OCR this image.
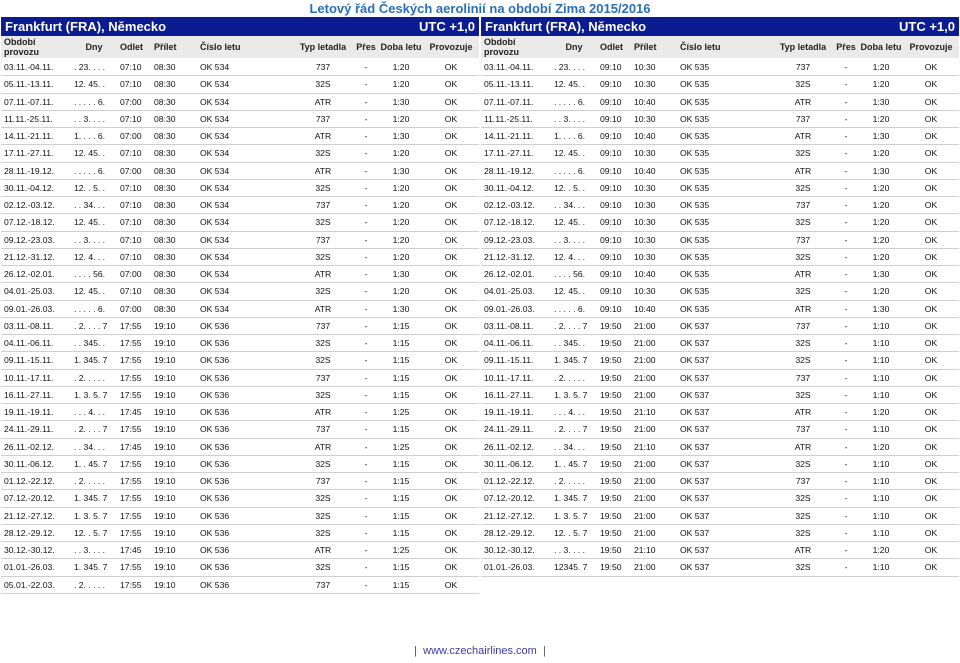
Letový řád Českých aerolinií na období Zima 2015/2016
Frankfurt (FRA), Německo	UTC +1,0
Období provozu	Dny	Odlet	Přílet	Číslo letu	Typ letadla	Přes	Doba letu	Provozuje
03.11.-04.11.	. 23. . . .	07:10	08:30	OK 534	737	-	1:20	OK
05.11.-13.11.	12. 45. .	07:10	08:30	OK 534	32S	-	1:20	OK
07.11.-07.11.	. . . . . 6.	07:00	08:30	OK 534	ATR	-	1:30	OK
11.11.-25.11.	. . 3. . . .	07:10	08:30	OK 534	737	-	1:20	OK
14.11.-21.11.	1. . . . 6.	07:00	08:30	OK 534	ATR	-	1:30	OK
17.11.-27.11.	12. 45. .	07:10	08:30	OK 534	32S	-	1:20	OK
28.11.-19.12.	. . . . . 6.	07:00	08:30	OK 534	ATR	-	1:30	OK
30.11.-04.12.	12. . 5. .	07:10	08:30	OK 534	32S	-	1:20	OK
02.12.-03.12.	. . 34. . .	07:10	08:30	OK 534	737	-	1:20	OK
07.12.-18.12.	12. 45. .	07:10	08:30	OK 534	32S	-	1:20	OK
09.12.-23.03.	. . 3. . . .	07:10	08:30	OK 534	737	-	1:20	OK
21.12.-31.12.	12. 4. . .	07:10	08:30	OK 534	32S	-	1:20	OK
26.12.-02.01.	. . . . 56.	07:00	08:30	OK 534	ATR	-	1:30	OK
04.01.-25.03.	12. 45. .	07:10	08:30	OK 534	32S	-	1:20	OK
09.01.-26.03.	. . . . . 6.	07:00	08:30	OK 534	ATR	-	1:30	OK
03.11.-08.11.	. 2. . . . 7	17:55	19:10	OK 536	737	-	1:15	OK
04.11.-06.11.	. . 345. .	17:55	19:10	OK 536	32S	-	1:15	OK
09.11.-15.11.	1. 345. 7	17:55	19:10	OK 536	32S	-	1:15	OK
10.11.-17.11.	. 2. . . . .	17:55	19:10	OK 536	737	-	1:15	OK
16.11.-27.11.	1. 3. 5. 7	17:55	19:10	OK 536	32S	-	1:15	OK
19.11.-19.11.	. . . 4. . .	17:45	19:10	OK 536	ATR	-	1:25	OK
24.11.-29.11.	. 2. . . . 7	17:55	19:10	OK 536	737	-	1:15	OK
26.11.-02.12.	. . 34. . .	17:45	19:10	OK 536	ATR	-	1:25	OK
30.11.-06.12.	1. . 45. 7	17:55	19:10	OK 536	32S	-	1:15	OK
01.12.-22.12.	. 2. . . . .	17:55	19:10	OK 536	737	-	1:15	OK
07.12.-20.12.	1. 345. 7	17:55	19:10	OK 536	32S	-	1:15	OK
21.12.-27.12.	1. 3. 5. 7	17:55	19:10	OK 536	32S	-	1:15	OK
28.12.-29.12.	12. . 5. 7	17:55	19:10	OK 536	32S	-	1:15	OK
30.12.-30.12.	. . 3. . . .	17:45	19:10	OK 536	ATR	-	1:25	OK
01.01.-26.03.	1. 345. 7	17:55	19:10	OK 536	32S	-	1:15	OK
05.01.-22.03.	. 2. . . . .	17:55	19:10	OK 536	737	-	1:15	OK
Frankfurt (FRA), Německo	UTC +1,0
Období provozu	Dny	Odlet	Přílet	Číslo letu	Typ letadla	Přes	Doba letu	Provozuje
03.11.-04.11.	. 23. . . .	09:10	10:30	OK 535	737	-	1:20	OK
05.11.-13.11.	12. 45. .	09:10	10:30	OK 535	32S	-	1:20	OK
07.11.-07.11.	. . . . . 6.	09:10	10:40	OK 535	ATR	-	1:30	OK
11.11.-25.11.	. . 3. . . .	09:10	10:30	OK 535	737	-	1:20	OK
14.11.-21.11.	1. . . . 6.	09:10	10:40	OK 535	ATR	-	1:30	OK
17.11.-27.11.	12. 45. .	09:10	10:30	OK 535	32S	-	1:20	OK
28.11.-19.12.	. . . . . 6.	09:10	10:40	OK 535	ATR	-	1:30	OK
30.11.-04.12.	12. . 5. .	09:10	10:30	OK 535	32S	-	1:20	OK
02.12.-03.12.	. . 34. . .	09:10	10:30	OK 535	737	-	1:20	OK
07.12.-18.12.	12. 45. .	09:10	10:30	OK 535	32S	-	1:20	OK
09.12.-23.03.	. . 3. . . .	09:10	10:30	OK 535	737	-	1:20	OK
21.12.-31.12.	12. 4. . .	09:10	10:30	OK 535	32S	-	1:20	OK
26.12.-02.01.	. . . . 56.	09:10	10:40	OK 535	ATR	-	1:30	OK
04.01.-25.03.	12. 45. .	09:10	10:30	OK 535	32S	-	1:20	OK
09.01.-26.03.	. . . . . 6.	09:10	10:40	OK 535	ATR	-	1:30	OK
03.11.-08.11.	. 2. . . . 7	19:50	21:00	OK 537	737	-	1:10	OK
04.11.-06.11.	. . 345. .	19:50	21:00	OK 537	32S	-	1:10	OK
09.11.-15.11.	1. 345. 7	19:50	21:00	OK 537	32S	-	1:10	OK
10.11.-17.11.	. 2. . . . .	19:50	21:00	OK 537	737	-	1:10	OK
16.11.-27.11.	1. 3. 5. 7	19:50	21:00	OK 537	32S	-	1:10	OK
19.11.-19.11.	. . . 4. . .	19:50	21:10	OK 537	ATR	-	1:20	OK
24.11.-29.11.	. 2. . . . 7	19:50	21:00	OK 537	737	-	1:10	OK
26.11.-02.12.	. . 34. . .	19:50	21:10	OK 537	ATR	-	1:20	OK
30.11.-06.12.	1. . 45. 7	19:50	21:00	OK 537	32S	-	1:10	OK
01.12.-22.12.	. 2. . . . .	19:50	21:00	OK 537	737	-	1:10	OK
07.12.-20.12.	1. 345. 7	19:50	21:00	OK 537	32S	-	1:10	OK
21.12.-27.12.	1. 3. 5. 7	19:50	21:00	OK 537	32S	-	1:10	OK
28.12.-29.12.	12. . 5. 7	19:50	21:00	OK 537	32S	-	1:10	OK
30.12.-30.12.	. . 3. . . .	19:50	21:10	OK 537	ATR	-	1:20	OK
01.01.-26.03.	12345. 7	19:50	21:00	OK 537	32S	-	1:10	OK
| www.czechairlines.com |
